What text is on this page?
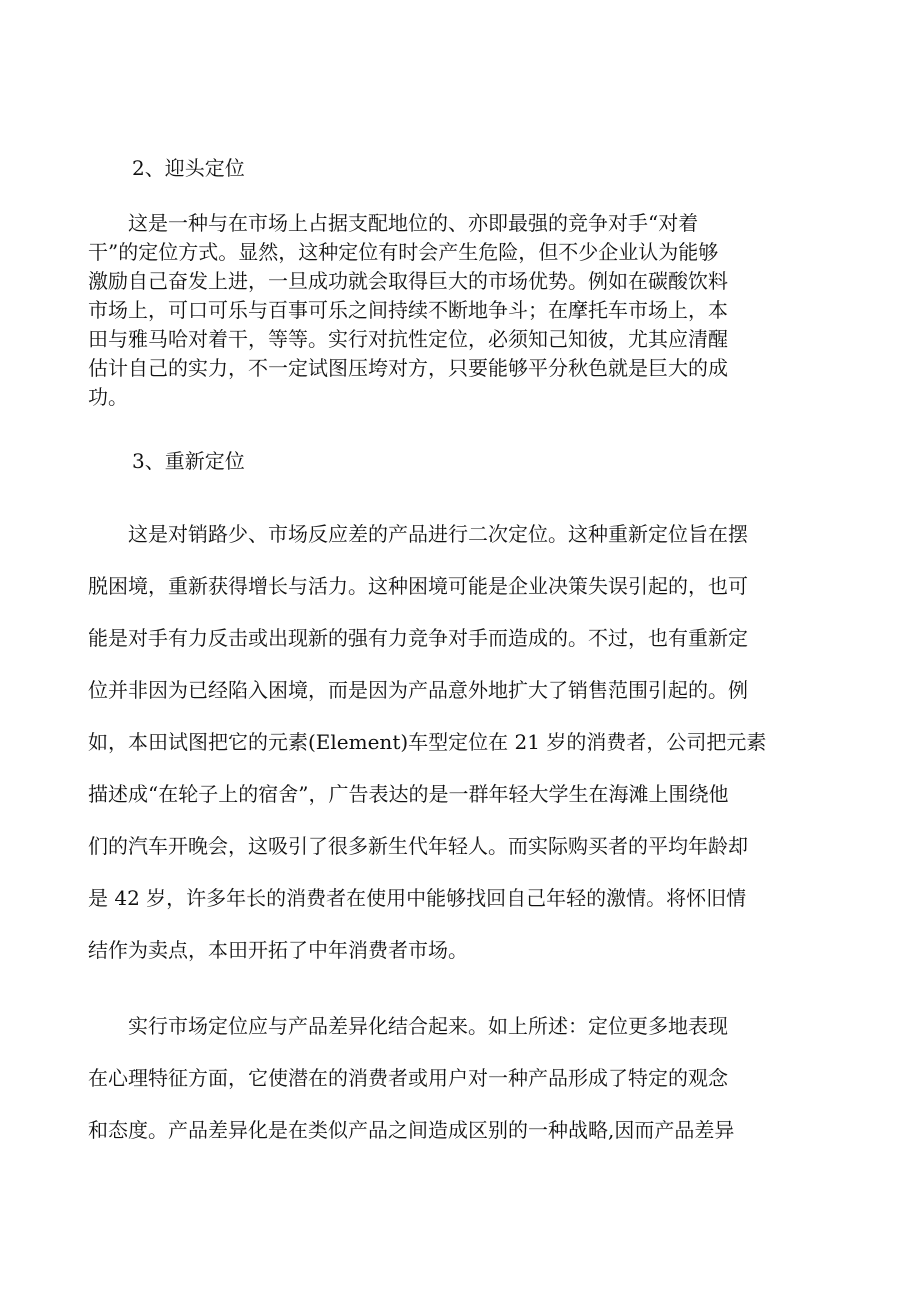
2、迎头定位
　　这是一种与在市场上占据支配地位的、亦即最强的竞争对手“对着
干”的定位方式。显然，这种定位有时会产生危险，但不少企业认为能够
激励自己奋发上进，一旦成功就会取得巨大的市场优势。例如在碳酸饮料
市场上，可口可乐与百事可乐之间持续不断地争斗；在摩托车市场上，本
田与雅马哈对着干，等等。实行对抗性定位，必须知己知彼，尤其应清醒
估计自己的实力，不一定试图压垮对方，只要能够平分秋色就是巨大的成
功。
3、重新定位
　　这是对销路少、市场反应差的产品进行二次定位。这种重新定位旨在摆
脱困境，重新获得增长与活力。这种困境可能是企业决策失误引起的，也可
能是对手有力反击或出现新的强有力竞争对手而造成的。不过，也有重新定
位并非因为已经陷入困境，而是因为产品意外地扩大了销售范围引起的。例
如，本田试图把它的元素(Element)车型定位在 21 岁的消费者，公司把元素
描述成“在轮子上的宿舍”，广告表达的是一群年轻大学生在海滩上围绕他
们的汽车开晚会，这吸引了很多新生代年轻人。而实际购买者的平均年龄却
是 42 岁，许多年长的消费者在使用中能够找回自己年轻的激情。将怀旧情
结作为卖点，本田开拓了中年消费者市场。
　　实行市场定位应与产品差异化结合起来。如上所述：定位更多地表现
在心理特征方面，它使潜在的消费者或用户对一种产品形成了特定的观念
和态度。产品差异化是在类似产品之间造成区别的一种战略,因而产品差异
